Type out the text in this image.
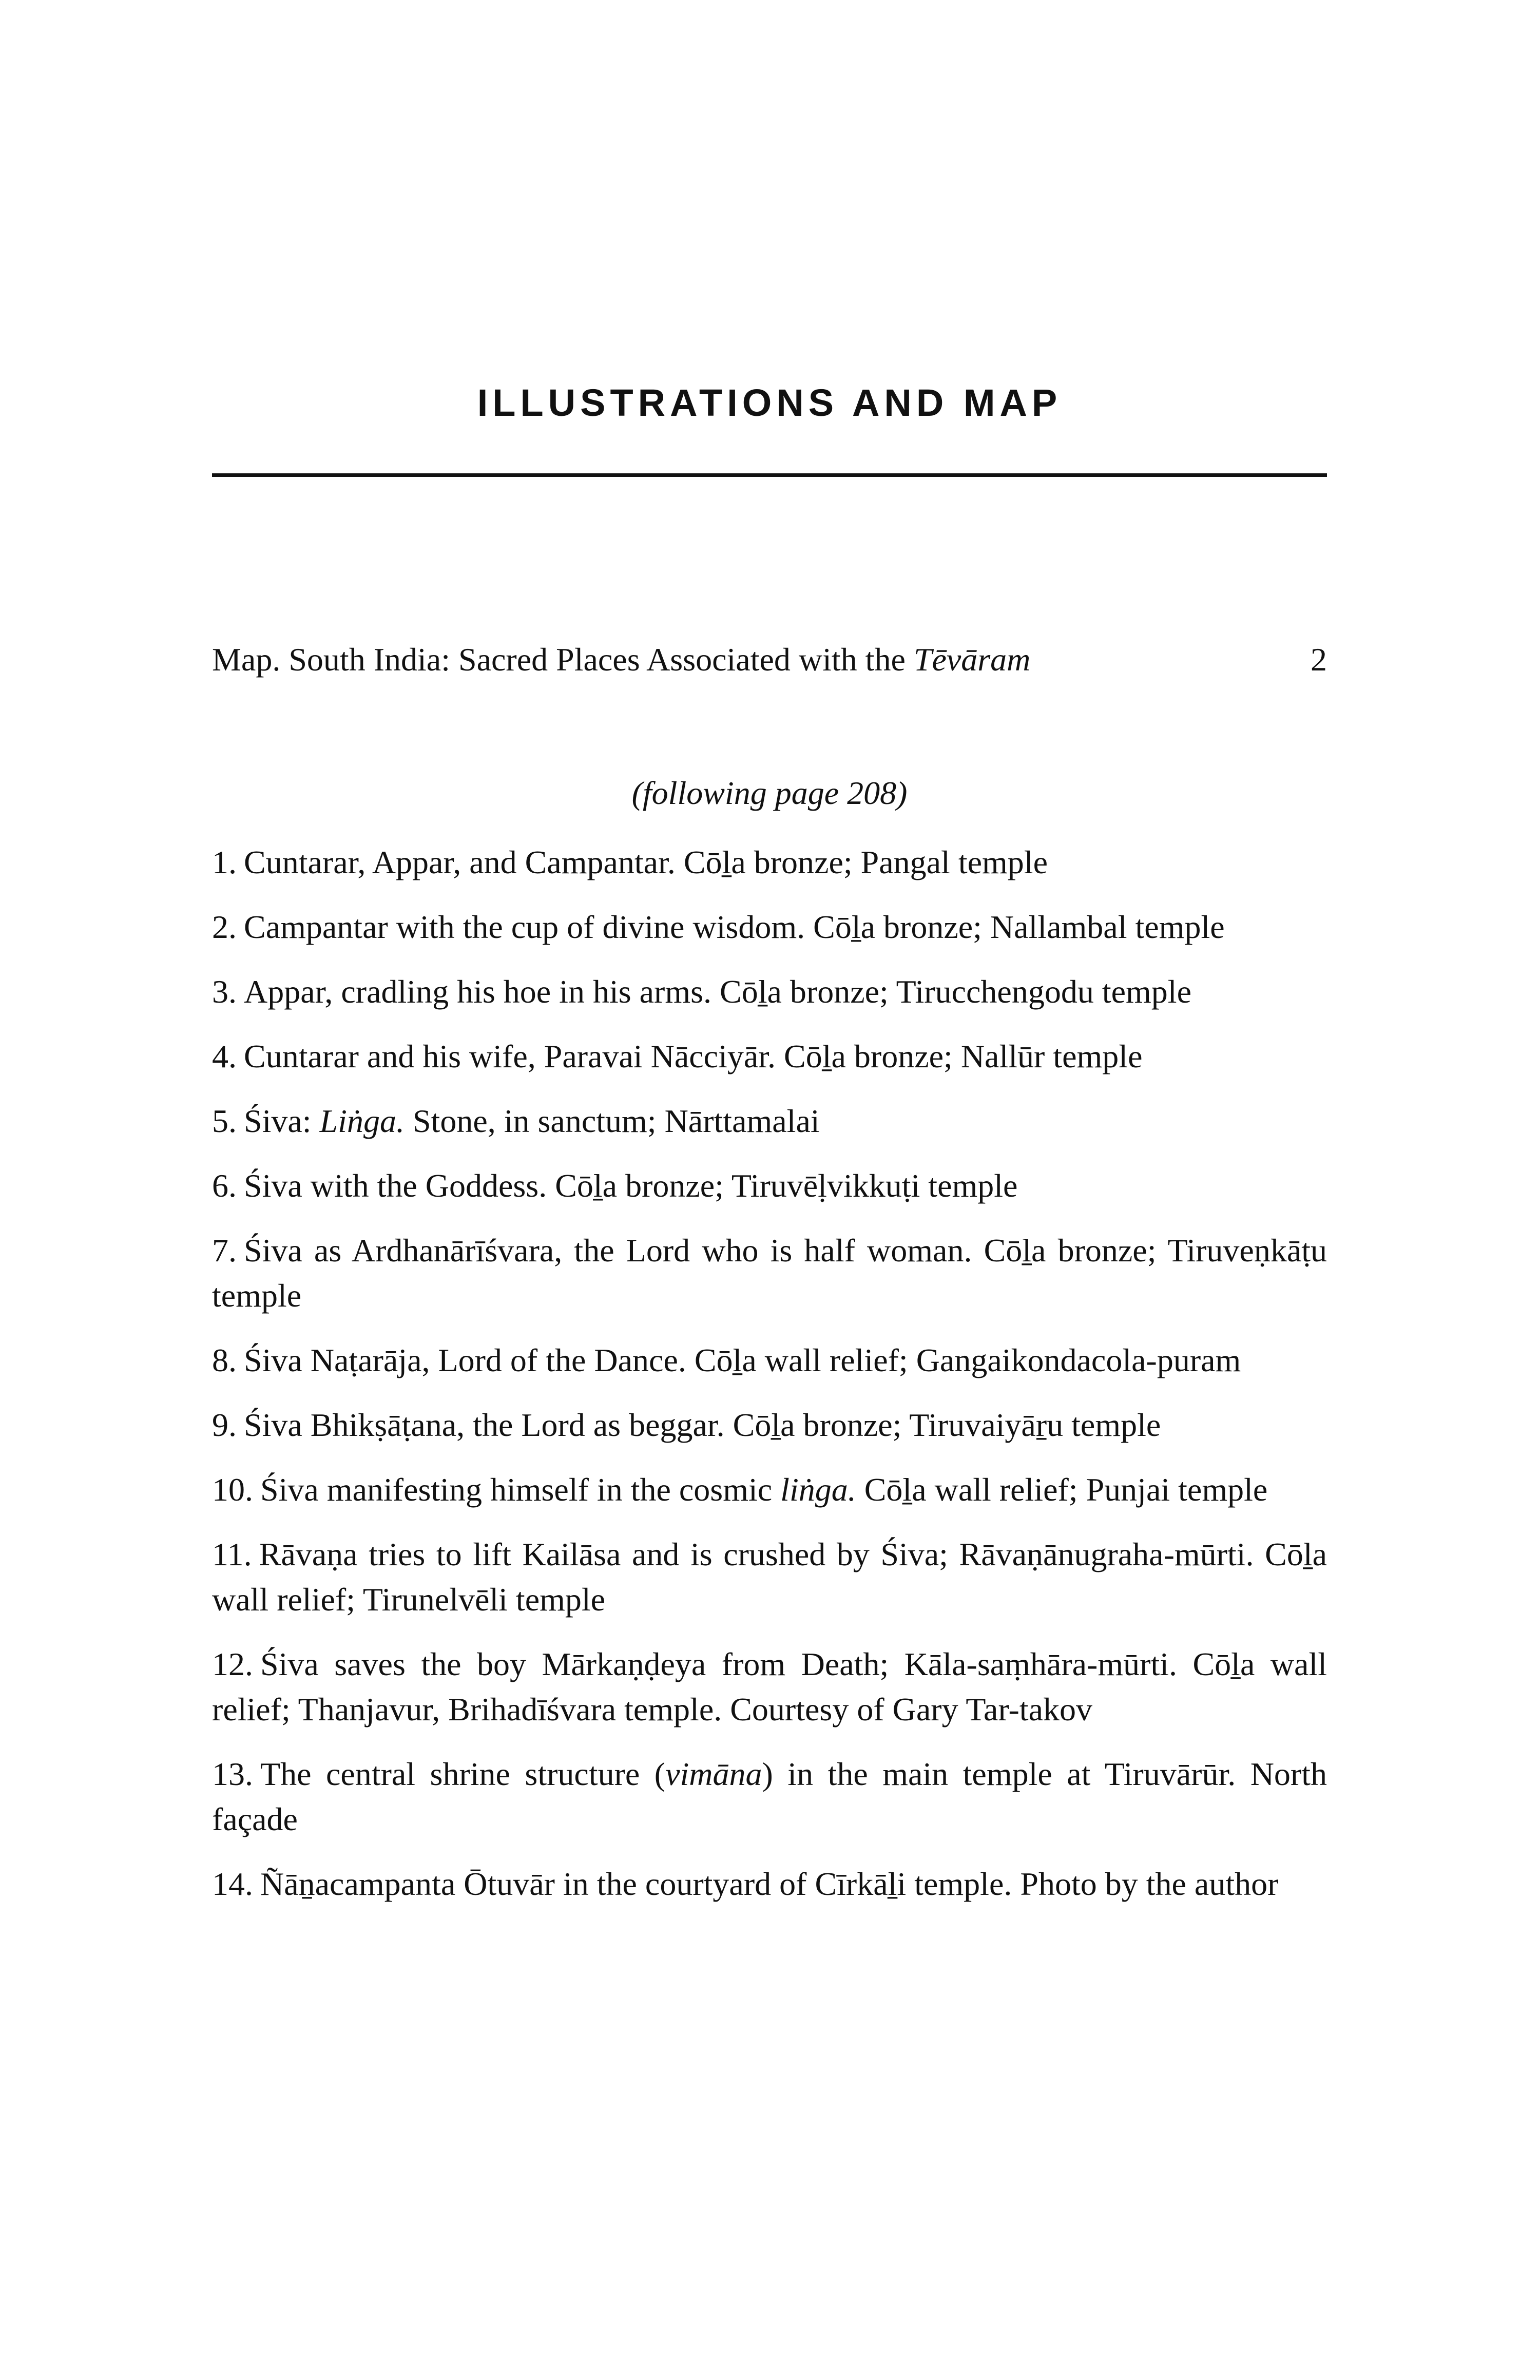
ILLUSTRATIONS AND MAP
Map. South India: Sacred Places Associated with the Tēvāram	2
(following page 208)
1. Cuntarar, Appar, and Campantar. Cōḻa bronze; Pangal temple
2. Campantar with the cup of divine wisdom. Cōḻa bronze; Nallambal temple
3. Appar, cradling his hoe in his arms. Cōḻa bronze; Tirucchengodu temple
4. Cuntarar and his wife, Paravai Nācciyār. Cōḻa bronze; Nallūr temple
5. Śiva: Liṅga. Stone, in sanctum; Nārttamalai
6. Śiva with the Goddess. Cōḻa bronze; Tiruvēḷvikkuṭi temple
7. Śiva as Ardhanārīśvara, the Lord who is half woman. Cōḻa bronze; Tiruveṇkāṭu temple
8. Śiva Naṭarāja, Lord of the Dance. Cōḻa wall relief; Gangaikondacola-puram
9. Śiva Bhikṣāṭana, the Lord as beggar. Cōḻa bronze; Tiruvaiyāṟu temple
10. Śiva manifesting himself in the cosmic liṅga. Cōḻa wall relief; Punjai temple
11. Rāvaṇa tries to lift Kailāsa and is crushed by Śiva; Rāvaṇānugraha-mūrti. Cōḻa wall relief; Tirunelvēli temple
12. Śiva saves the boy Mārkaṇḍeya from Death; Kāla-saṃhāra-mūrti. Cōḻa wall relief; Thanjavur, Brihadīśvara temple. Courtesy of Gary Tar-takov
13. The central shrine structure (vimāna) in the main temple at Tiruvārūr. North façade
14. Ñāṉacampanta Ōtuvār in the courtyard of Cīrkāḻi temple. Photo by the author
